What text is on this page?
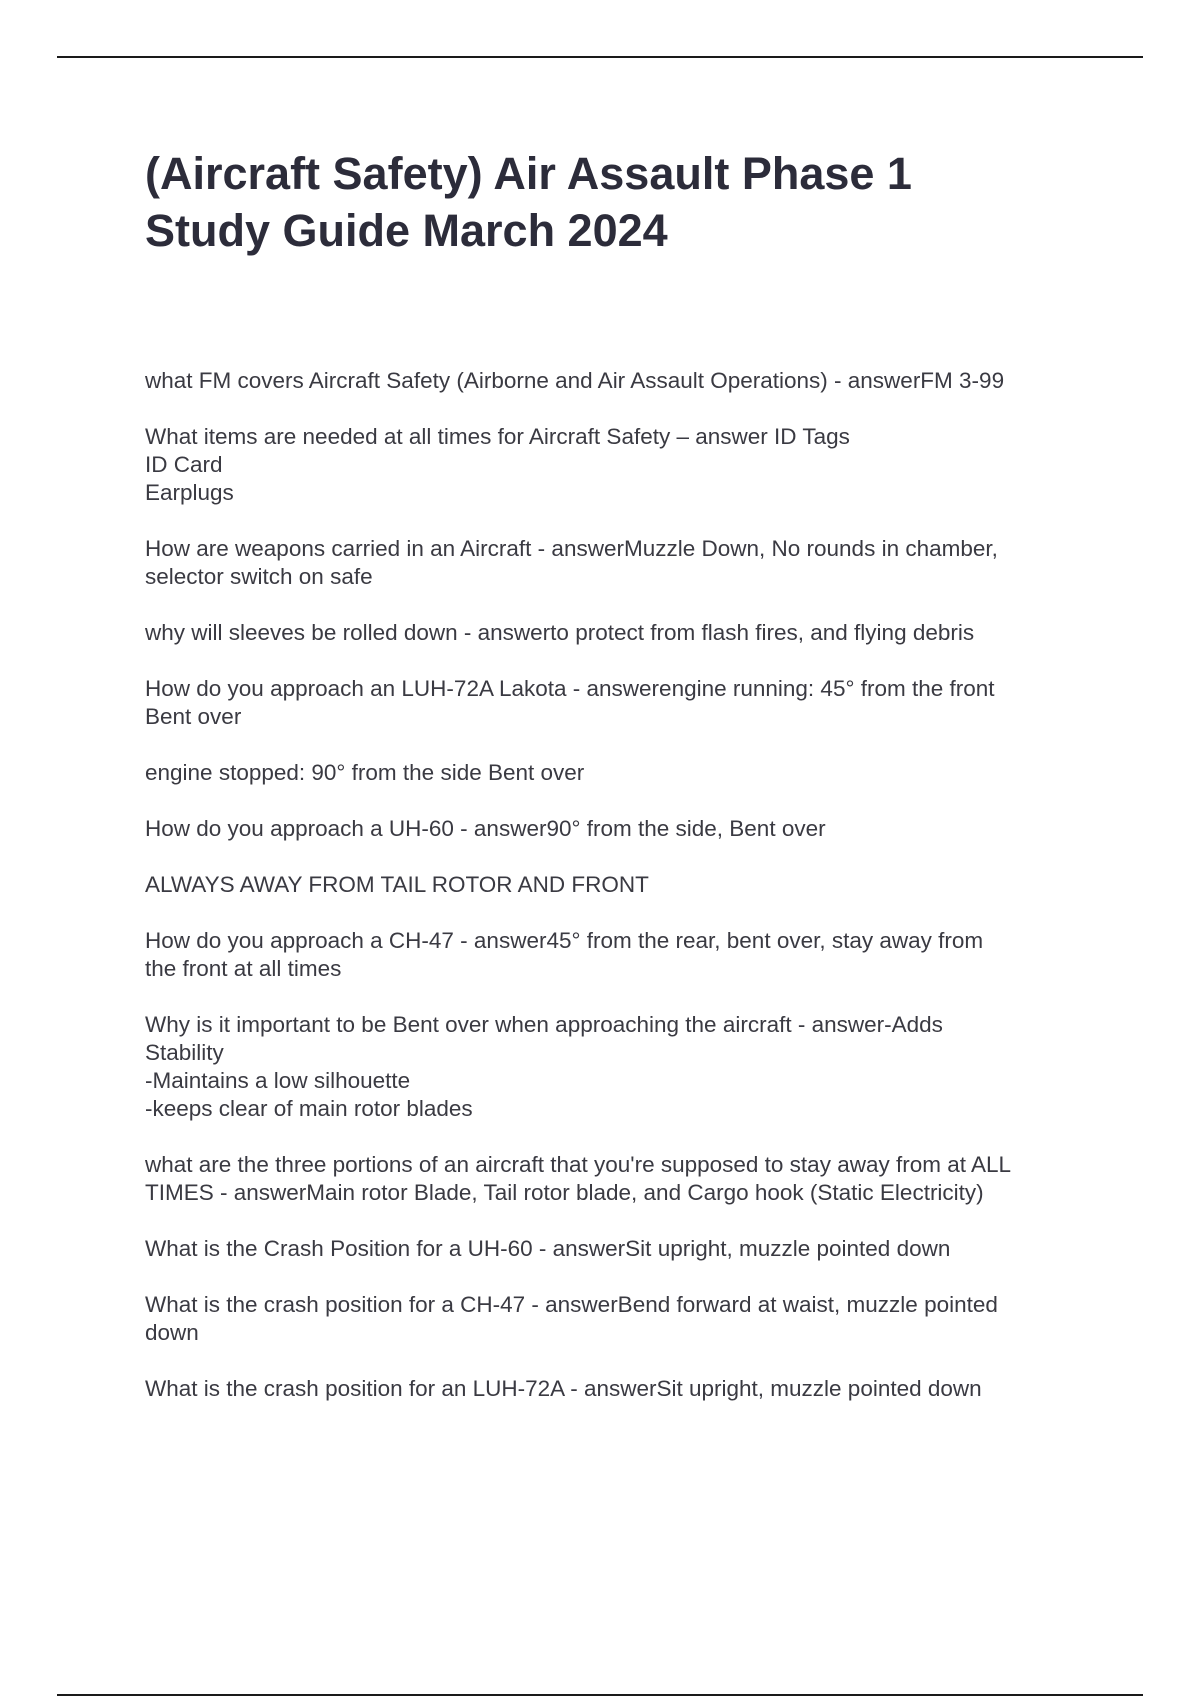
(Aircraft Safety) Air Assault Phase 1
Study Guide March 2024

what FM covers Aircraft Safety (Airborne and Air Assault Operations) - answerFM 3-99

What items are needed at all times for Aircraft Safety – answer ID Tags
ID Card
Earplugs

How are weapons carried in an Aircraft - answerMuzzle Down, No rounds in chamber,
selector switch on safe

why will sleeves be rolled down - answerto protect from flash fires, and flying debris

How do you approach an LUH-72A Lakota - answerengine running: 45° from the front
Bent over

engine stopped: 90° from the side Bent over

How do you approach a UH-60 - answer90° from the side, Bent over

ALWAYS AWAY FROM TAIL ROTOR AND FRONT

How do you approach a CH-47 - answer45° from the rear, bent over, stay away from
the front at all times

Why is it important to be Bent over when approaching the aircraft - answer-Adds
Stability
-Maintains a low silhouette
-keeps clear of main rotor blades

what are the three portions of an aircraft that you're supposed to stay away from at ALL
TIMES - answerMain rotor Blade, Tail rotor blade, and Cargo hook (Static Electricity)

What is the Crash Position for a UH-60 - answerSit upright, muzzle pointed down

What is the crash position for a CH-47 - answerBend forward at waist, muzzle pointed
down

What is the crash position for an LUH-72A - answerSit upright, muzzle pointed down
